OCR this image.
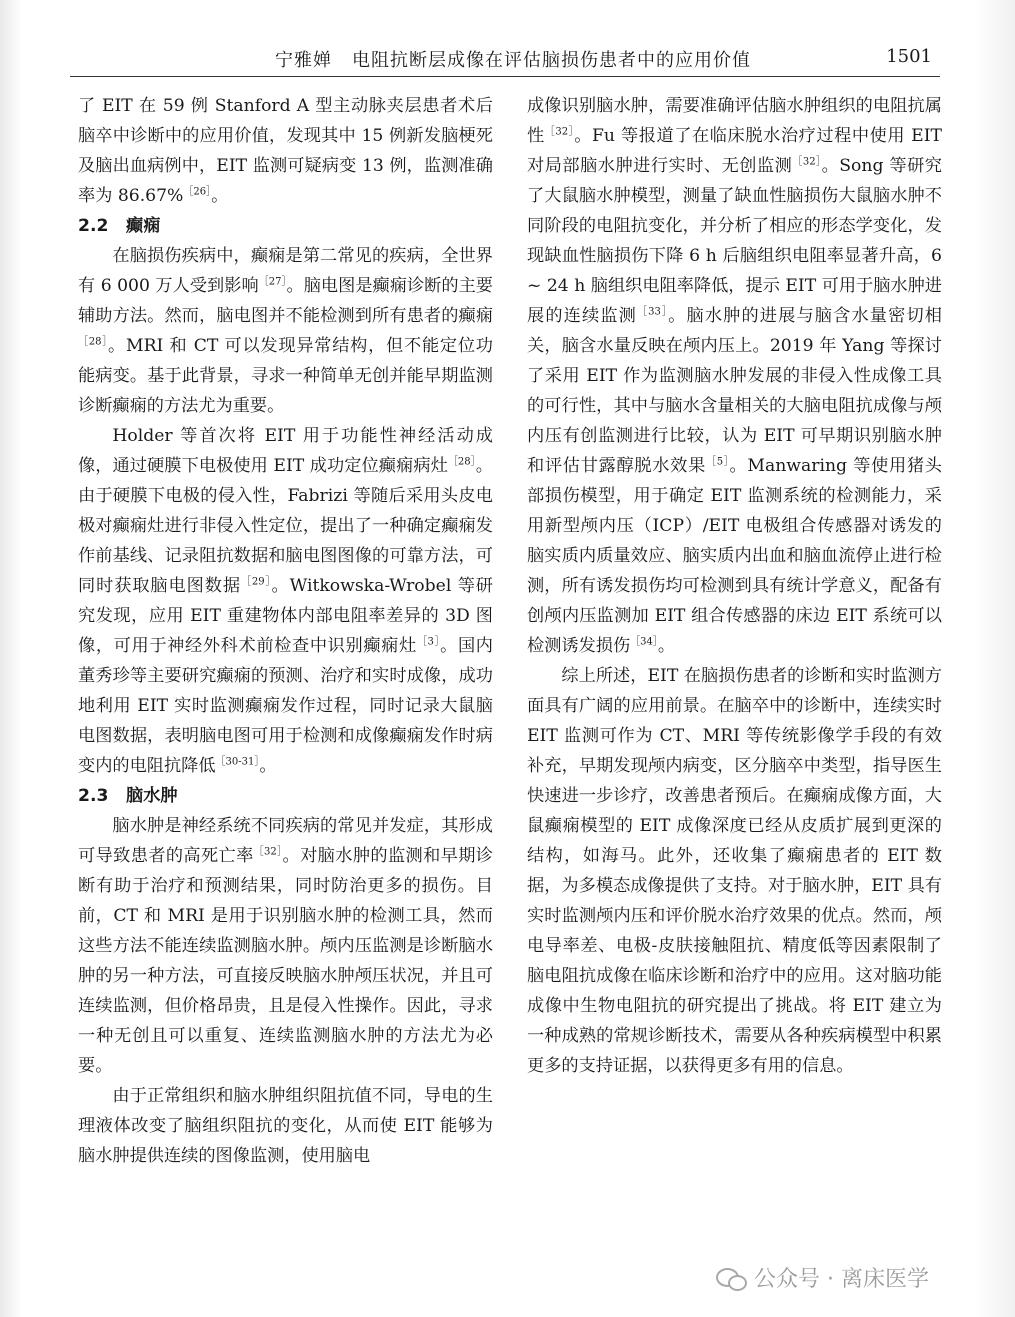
宁雅婵 电阻抗断层成像在评估脑损伤患者中的应用价值	1501

了 EIT 在 59 例 Stanford A 型主动脉夹层患者术后脑卒中诊断中的应用价值，发现其中 15 例新发脑梗死及脑出血病例中，EIT 监测可疑病变 13 例，监测准确率为 86.67%$^{[26]}$。

2.2 癫痫

在脑损伤疾病中，癫痫是第二常见的疾病，全世界有 6 000 万人受到影响$^{[27]}$。脑电图是癫痫诊断的主要辅助方法。然而，脑电图并不能检测到所有患者的癫痫$^{[28]}$。MRI 和 CT 可以发现异常结构，但不能定位功能病变。基于此背景，寻求一种简单无创并能早期监测诊断癫痫的方法尤为重要。

Holder 等首次将 EIT 用于功能性神经活动成像，通过硬膜下电极使用 EIT 成功定位癫痫病灶$^{[28]}$。由于硬膜下电极的侵入性，Fabrizi 等随后采用头皮电极对癫痫灶进行非侵入性定位，提出了一种确定癫痫发作前基线、记录阻抗数据和脑电图图像的可靠方法，可同时获取脑电图数据$^{[29]}$。Witkowska-Wrobel 等研究发现，应用 EIT 重建物体内部电阻率差异的 3D 图像，可用于神经外科术前检查中识别癫痫灶$^{[3]}$。国内董秀珍等主要研究癫痫的预测、治疗和实时成像，成功地利用 EIT 实时监测癫痫发作过程，同时记录大鼠脑电图数据，表明脑电图可用于检测和成像癫痫发作时病变内的电阻抗降低$^{[30-31]}$。

2.3 脑水肿

脑水肿是神经系统不同疾病的常见并发症，其形成可导致患者的高死亡率$^{[32]}$。对脑水肿的监测和早期诊断有助于治疗和预测结果，同时防治更多的损伤。目前，CT 和 MRI 是用于识别脑水肿的检测工具，然而这些方法不能连续监测脑水肿。颅内压监测是诊断脑水肿的另一种方法，可直接反映脑水肿颅压状况，并且可连续监测，但价格昂贵，且是侵入性操作。因此，寻求一种无创且可以重复、连续监测脑水肿的方法尤为必要。

由于正常组织和脑水肿组织阻抗值不同，导电的生理液体改变了脑组织阻抗的变化，从而使 EIT 能够为脑水肿提供连续的图像监测，使用脑电

成像识别脑水肿，需要准确评估脑水肿组织的电阻抗属性$^{[32]}$。Fu 等报道了在临床脱水治疗过程中使用 EIT 对局部脑水肿进行实时、无创监测$^{[32]}$。Song 等研究了大鼠脑水肿模型，测量了缺血性脑损伤大鼠脑水肿不同阶段的电阻抗变化，并分析了相应的形态学变化，发现缺血性脑损伤下降 6 h 后脑组织电阻率显著升高，6 ~ 24 h 脑组织电阻率降低，提示 EIT 可用于脑水肿进展的连续监测$^{[33]}$。脑水肿的进展与脑含水量密切相关，脑含水量反映在颅内压上。2019 年 Yang 等探讨了采用 EIT 作为监测脑水肿发展的非侵入性成像工具的可行性，其中与脑水含量相关的大脑电阻抗成像与颅内压有创监测进行比较，认为 EIT 可早期识别脑水肿和评估甘露醇脱水效果$^{[5]}$。Manwaring 等使用猪头部损伤模型，用于确定 EIT 监测系统的检测能力，采用新型颅内压（ICP）/EIT 电极组合传感器对诱发的脑实质内质量效应、脑实质内出血和脑血流停止进行检测，所有诱发损伤均可检测到具有统计学意义，配备有创颅内压监测加 EIT 组合传感器的床边 EIT 系统可以检测诱发损伤$^{[34]}$。

综上所述，EIT 在脑损伤患者的诊断和实时监测方面具有广阔的应用前景。在脑卒中的诊断中，连续实时 EIT 监测可作为 CT、MRI 等传统影像学手段的有效补充，早期发现颅内病变，区分脑卒中类型，指导医生快速进一步诊疗，改善患者预后。在癫痫成像方面，大鼠癫痫模型的 EIT 成像深度已经从皮质扩展到更深的结构，如海马。此外，还收集了癫痫患者的 EIT 数据，为多模态成像提供了支持。对于脑水肿，EIT 具有实时监测颅内压和评价脱水治疗效果的优点。然而，颅电导率差、电极-皮肤接触阻抗、精度低等因素限制了脑电阻抗成像在临床诊断和治疗中的应用。这对脑功能成像中生物电阻抗的研究提出了挑战。将 EIT 建立为一种成熟的常规诊断技术，需要从各种疾病模型中积累更多的支持证据，以获得更多有用的信息。

公众号 · 离床医学
